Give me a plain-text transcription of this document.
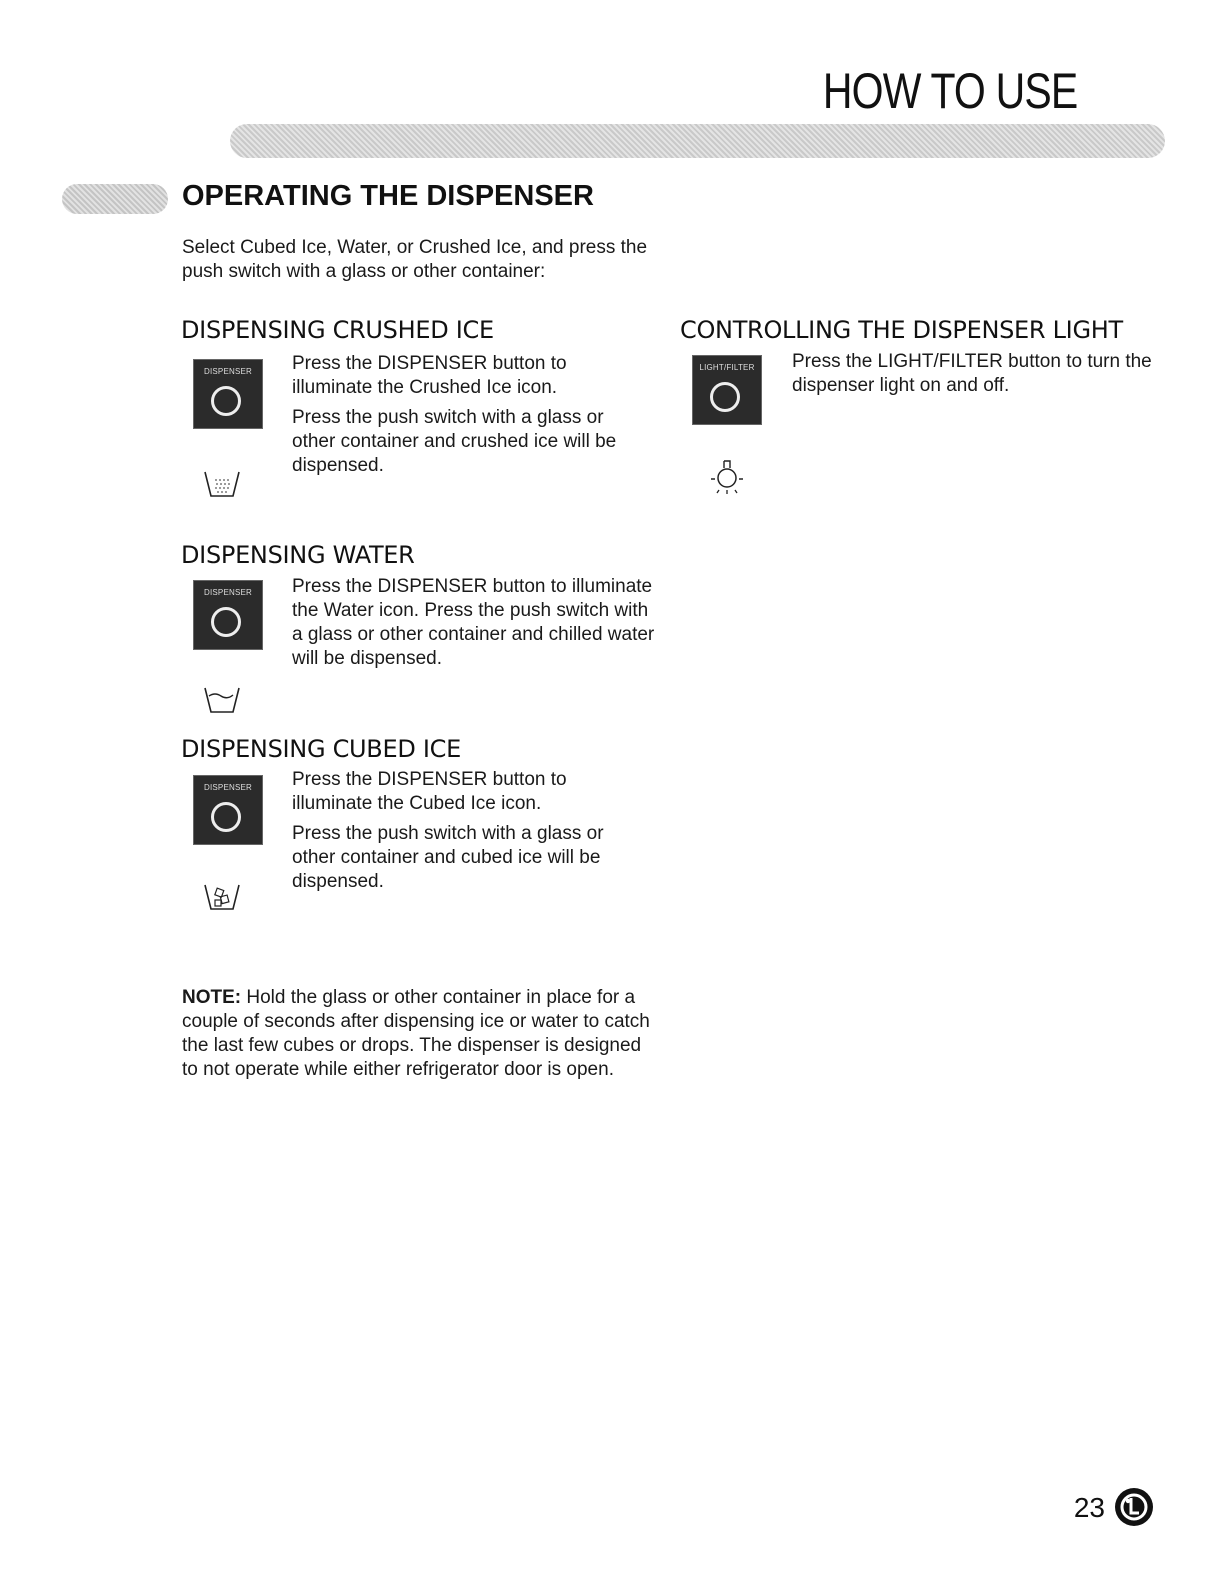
HOW TO USE
OPERATING THE DISPENSER
Select Cubed Ice, Water, or Crushed Ice, and press the push switch with a glass or other container:
DISPENSING CRUSHED ICE
DISPENSER	Press the DISPENSER button to illuminate the Crushed Ice icon.

Press the push switch with a glass or other container and crushed ice will be dispensed.

DISPENSING WATER
DISPENSER	Press the DISPENSER button to illuminate the Water icon. Press the push switch with a glass or other container and chilled water will be dispensed.

DISPENSING CUBED ICE
DISPENSER	Press the DISPENSER button to illuminate the Cubed Ice icon.

Press the push switch with a glass or other container and cubed ice will be dispensed.

CONTROLLING THE DISPENSER LIGHT
LIGHT/FILTER	Press the LIGHT/FILTER button to turn the dispenser light on and off.

NOTE: Hold the glass or other container in place for a couple of seconds after dispensing ice or water to catch the last few cubes or drops. The dispenser is designed to not operate while either refrigerator door is open.
23
